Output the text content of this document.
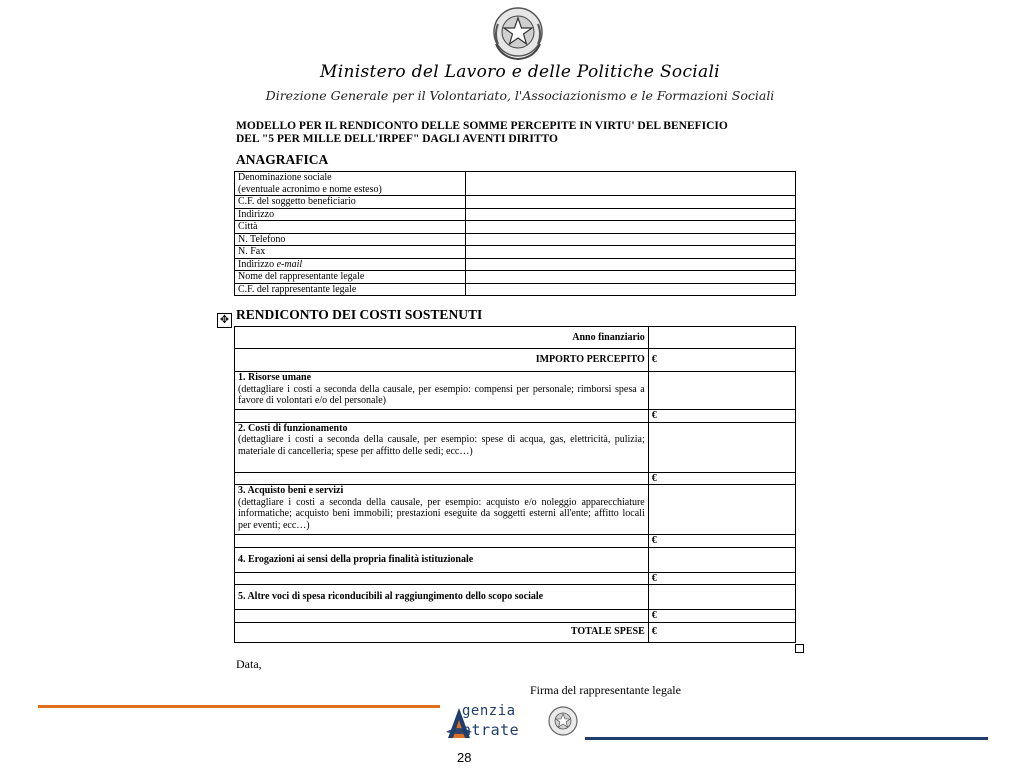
Ministero del Lavoro e delle Politiche Sociali
Direzione Generale per il Volontariato, l'Associazionismo e le Formazioni Sociali
MODELLO PER IL RENDICONTO DELLE SOMME PERCEPITE IN VIRTU' DEL BENEFICIO
DEL "5 PER MILLE DELL'IRPEF" DAGLI AVENTI DIRITTO
ANAGRAFICA
Denominazione sociale
(eventuale acronimo e nome esteso)	

C.F. del soggetto beneficiario	
Indirizzo	
Città	
N. Telefono	
N. Fax	
Indirizzo e-mail	
Nome del rappresentante legale	
C.F. del rappresentante legale	
✥ RENDICONTO DEI COSTI SOSTENUTI
Anno finanziario	
IMPORTO PERCEPITO	€
1. Risorse umane
(dettagliare i costi a seconda della causale, per esempio: compensi per personale; rimborsi spesa a favore di volontari e/o del personale)	
	€
2. Costi di funzionamento
(dettagliare i costi a seconda della causale, per esempio: spese di acqua, gas, elettricità, pulizia; materiale di cancelleria; spese per affitto delle sedi; ecc…)	
	€
3. Acquisto beni e servizi
(dettagliare i costi a seconda della causale, per esempio: acquisto e/o noleggio apparecchiature informatiche; acquisto beni immobili; prestazioni eseguite da soggetti esterni all'ente; affitto locali per eventi; ecc…)	
	€
4. Erogazioni ai sensi della propria finalità istituzionale	
	€
5. Altre voci di spesa riconducibili al raggiungimento dello scopo sociale	
	€
TOTALE SPESE	€
Data,
Firma del rappresentante legale
genzia
ntrate
28
